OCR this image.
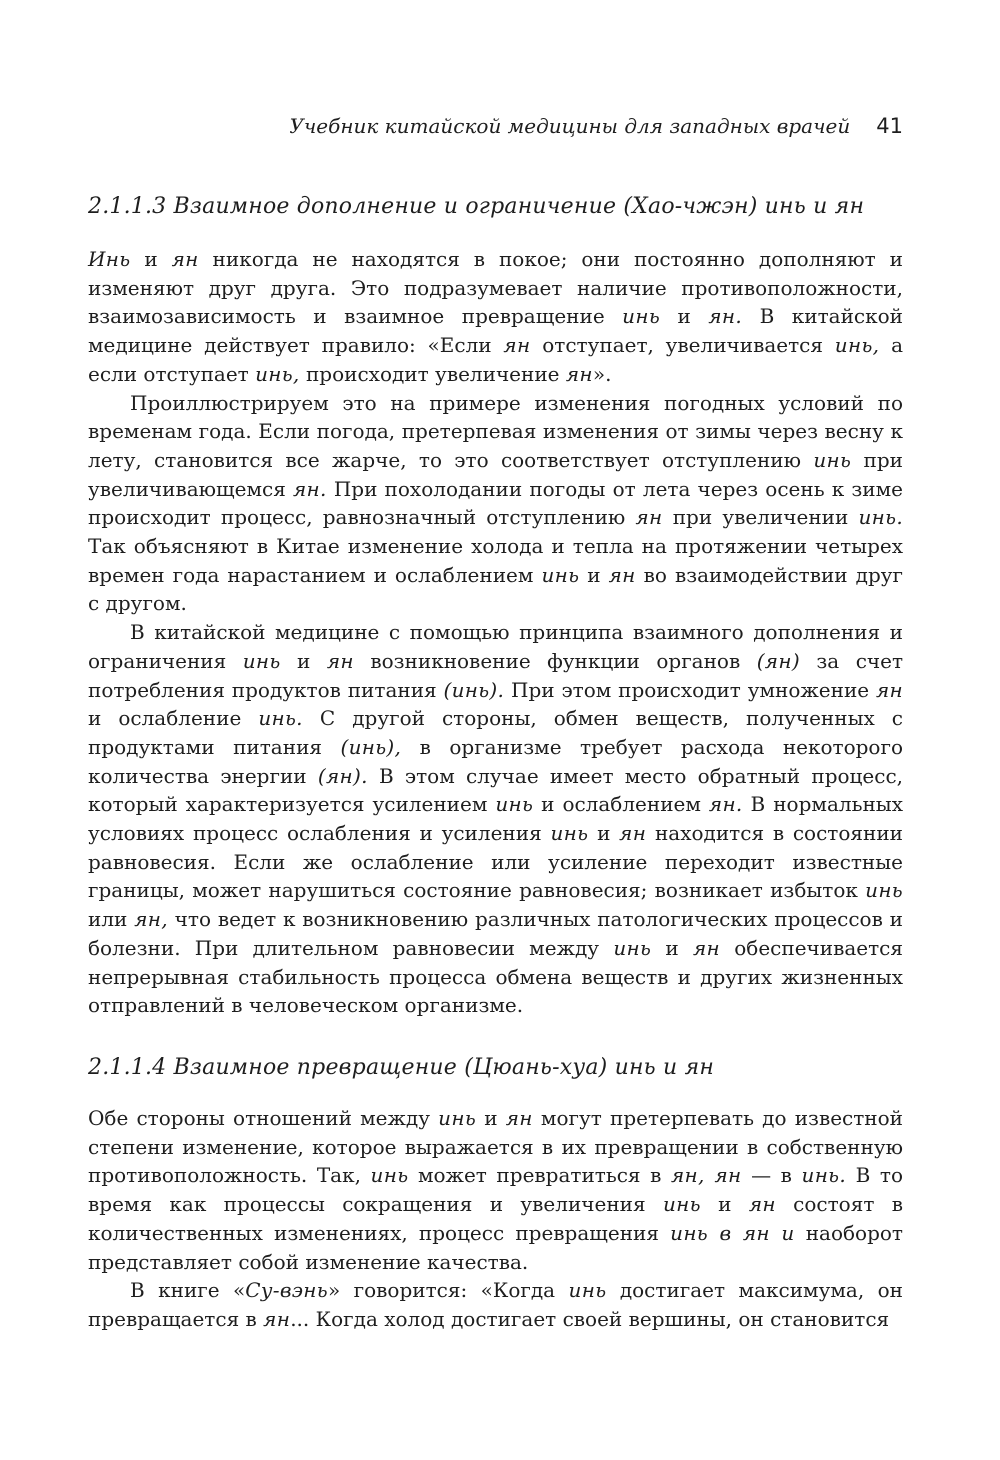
Учебник китайской медицины для западных врачей 41
2.1.1.3 Взаимное дополнение и ограничение (Хао-чжэн) инь и ян

Инь и ян никогда не находятся в покое; они постоянно дополняют и изменяют друг друга. Это подразумевает наличие противоположности, взаимозависимость и взаимное превращение инь и ян. В китайской медицине действует правило: «Если ян отступает, увеличивается инь, а если отступает инь, происходит увеличение ян».

Проиллюстрируем это на примере изменения погодных условий по временам года. Если погода, претерпевая изменения от зимы через весну к лету, становится все жарче, то это соответствует отступлению инь при увеличивающемся ян. При похолодании погоды от лета через осень к зиме происходит процесс, равнозначный отступлению ян при увеличении инь. Так объясняют в Китае изменение холода и тепла на протяжении четырех времен года нарастанием и ослаблением инь и ян во взаимодействии друг с другом.

В китайской медицине с помощью принципа взаимного дополнения и ограничения инь и ян возникновение функции органов (ян) за счет потребления продуктов питания (инь). При этом происходит умножение ян и ослабление инь. С другой стороны, обмен веществ, полученных с продуктами питания (инь), в организме требует расхода некоторого количества энергии (ян). В этом случае имеет место обратный процесс, который характеризуется усилением инь и ослаблением ян. В нормальных условиях процесс ослабления и усиления инь и ян находится в состоянии равновесия. Если же ослабление или усиление переходит известные границы, может нарушиться состояние равновесия; возникает избыток инь или ян, что ведет к возникновению различных патологических процессов и болезни. При длительном равновесии между инь и ян обеспечивается непрерывная стабильность процесса обмена веществ и других жизненных отправлений в человеческом организме.

2.1.1.4 Взаимное превращение (Цюань-хуа) инь и ян

Обе стороны отношений между инь и ян могут претерпевать до известной степени изменение, которое выражается в их превращении в собственную противоположность. Так, инь может превратиться в ян, ян — в инь. В то время как процессы сокращения и увеличения инь и ян состоят в количественных изменениях, процесс превращения инь в ян и наоборот представляет собой изменение качества.

В книге «Су-вэнь» говорится: «Когда инь достигает максимума, он превращается в ян... Когда холод достигает своей вершины, он становится
